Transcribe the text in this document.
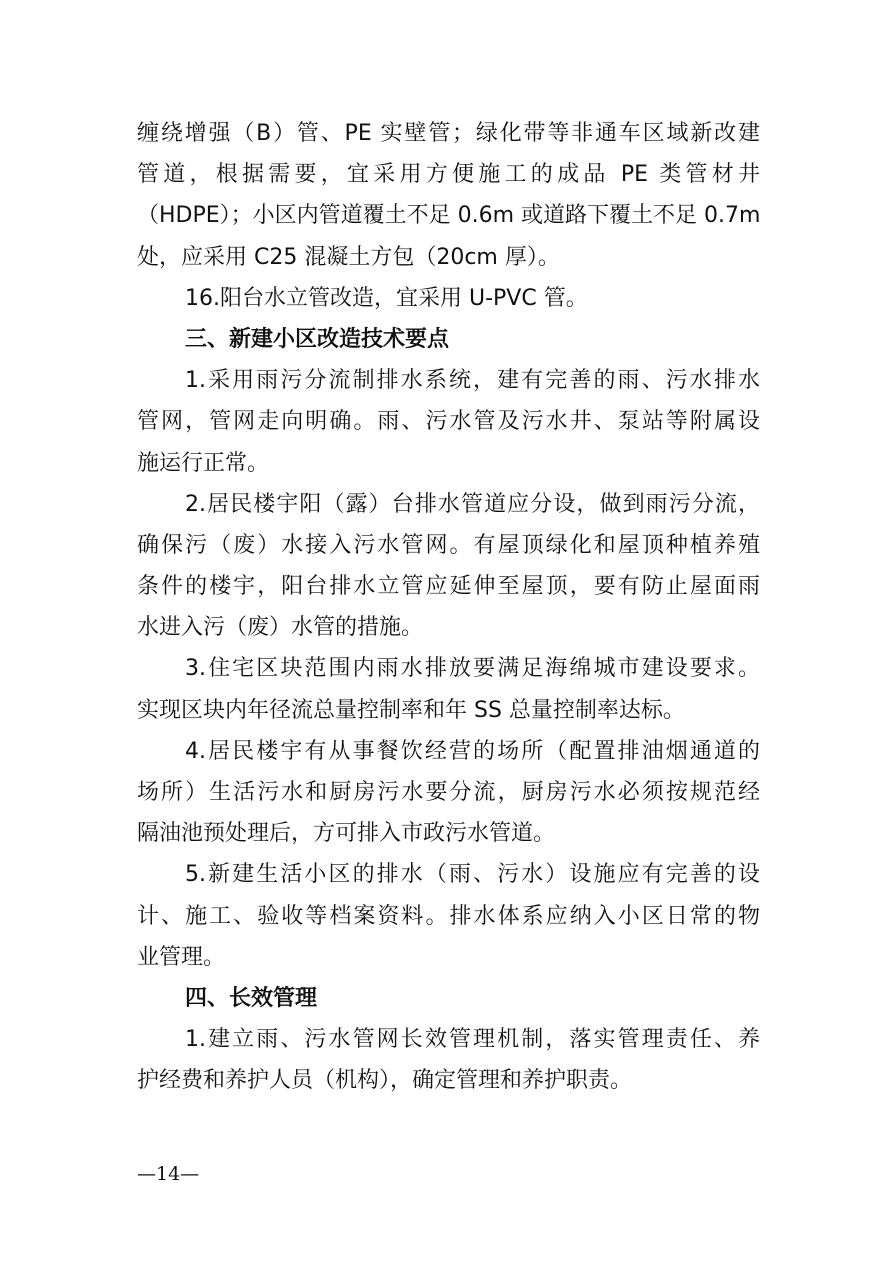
缠绕增强（B）管、PE 实壁管；绿化带等非通车区域新改建
管道，根据需要，宜采用方便施工的成品 PE 类管材井
（HDPE）；小区内管道覆土不足 0.6m 或道路下覆土不足 0.7m
处，应采用 C25 混凝土方包（20cm 厚）。
16.阳台水立管改造，宜采用 U-PVC 管。
三、新建小区改造技术要点
1.采用雨污分流制排水系统，建有完善的雨、污水排水
管网，管网走向明确。雨、污水管及污水井、泵站等附属设
施运行正常。
2.居民楼宇阳（露）台排水管道应分设，做到雨污分流，
确保污（废）水接入污水管网。有屋顶绿化和屋顶种植养殖
条件的楼宇，阳台排水立管应延伸至屋顶，要有防止屋面雨
水进入污（废）水管的措施。
3.住宅区块范围内雨水排放要满足海绵城市建设要求。
实现区块内年径流总量控制率和年 SS 总量控制率达标。
4.居民楼宇有从事餐饮经营的场所（配置排油烟通道的
场所）生活污水和厨房污水要分流，厨房污水必须按规范经
隔油池预处理后，方可排入市政污水管道。
5.新建生活小区的排水（雨、污水）设施应有完善的设
计、施工、验收等档案资料。排水体系应纳入小区日常的物
业管理。
四、长效管理
1.建立雨、污水管网长效管理机制，落实管理责任、养
护经费和养护人员（机构），确定管理和养护职责。
—14—
